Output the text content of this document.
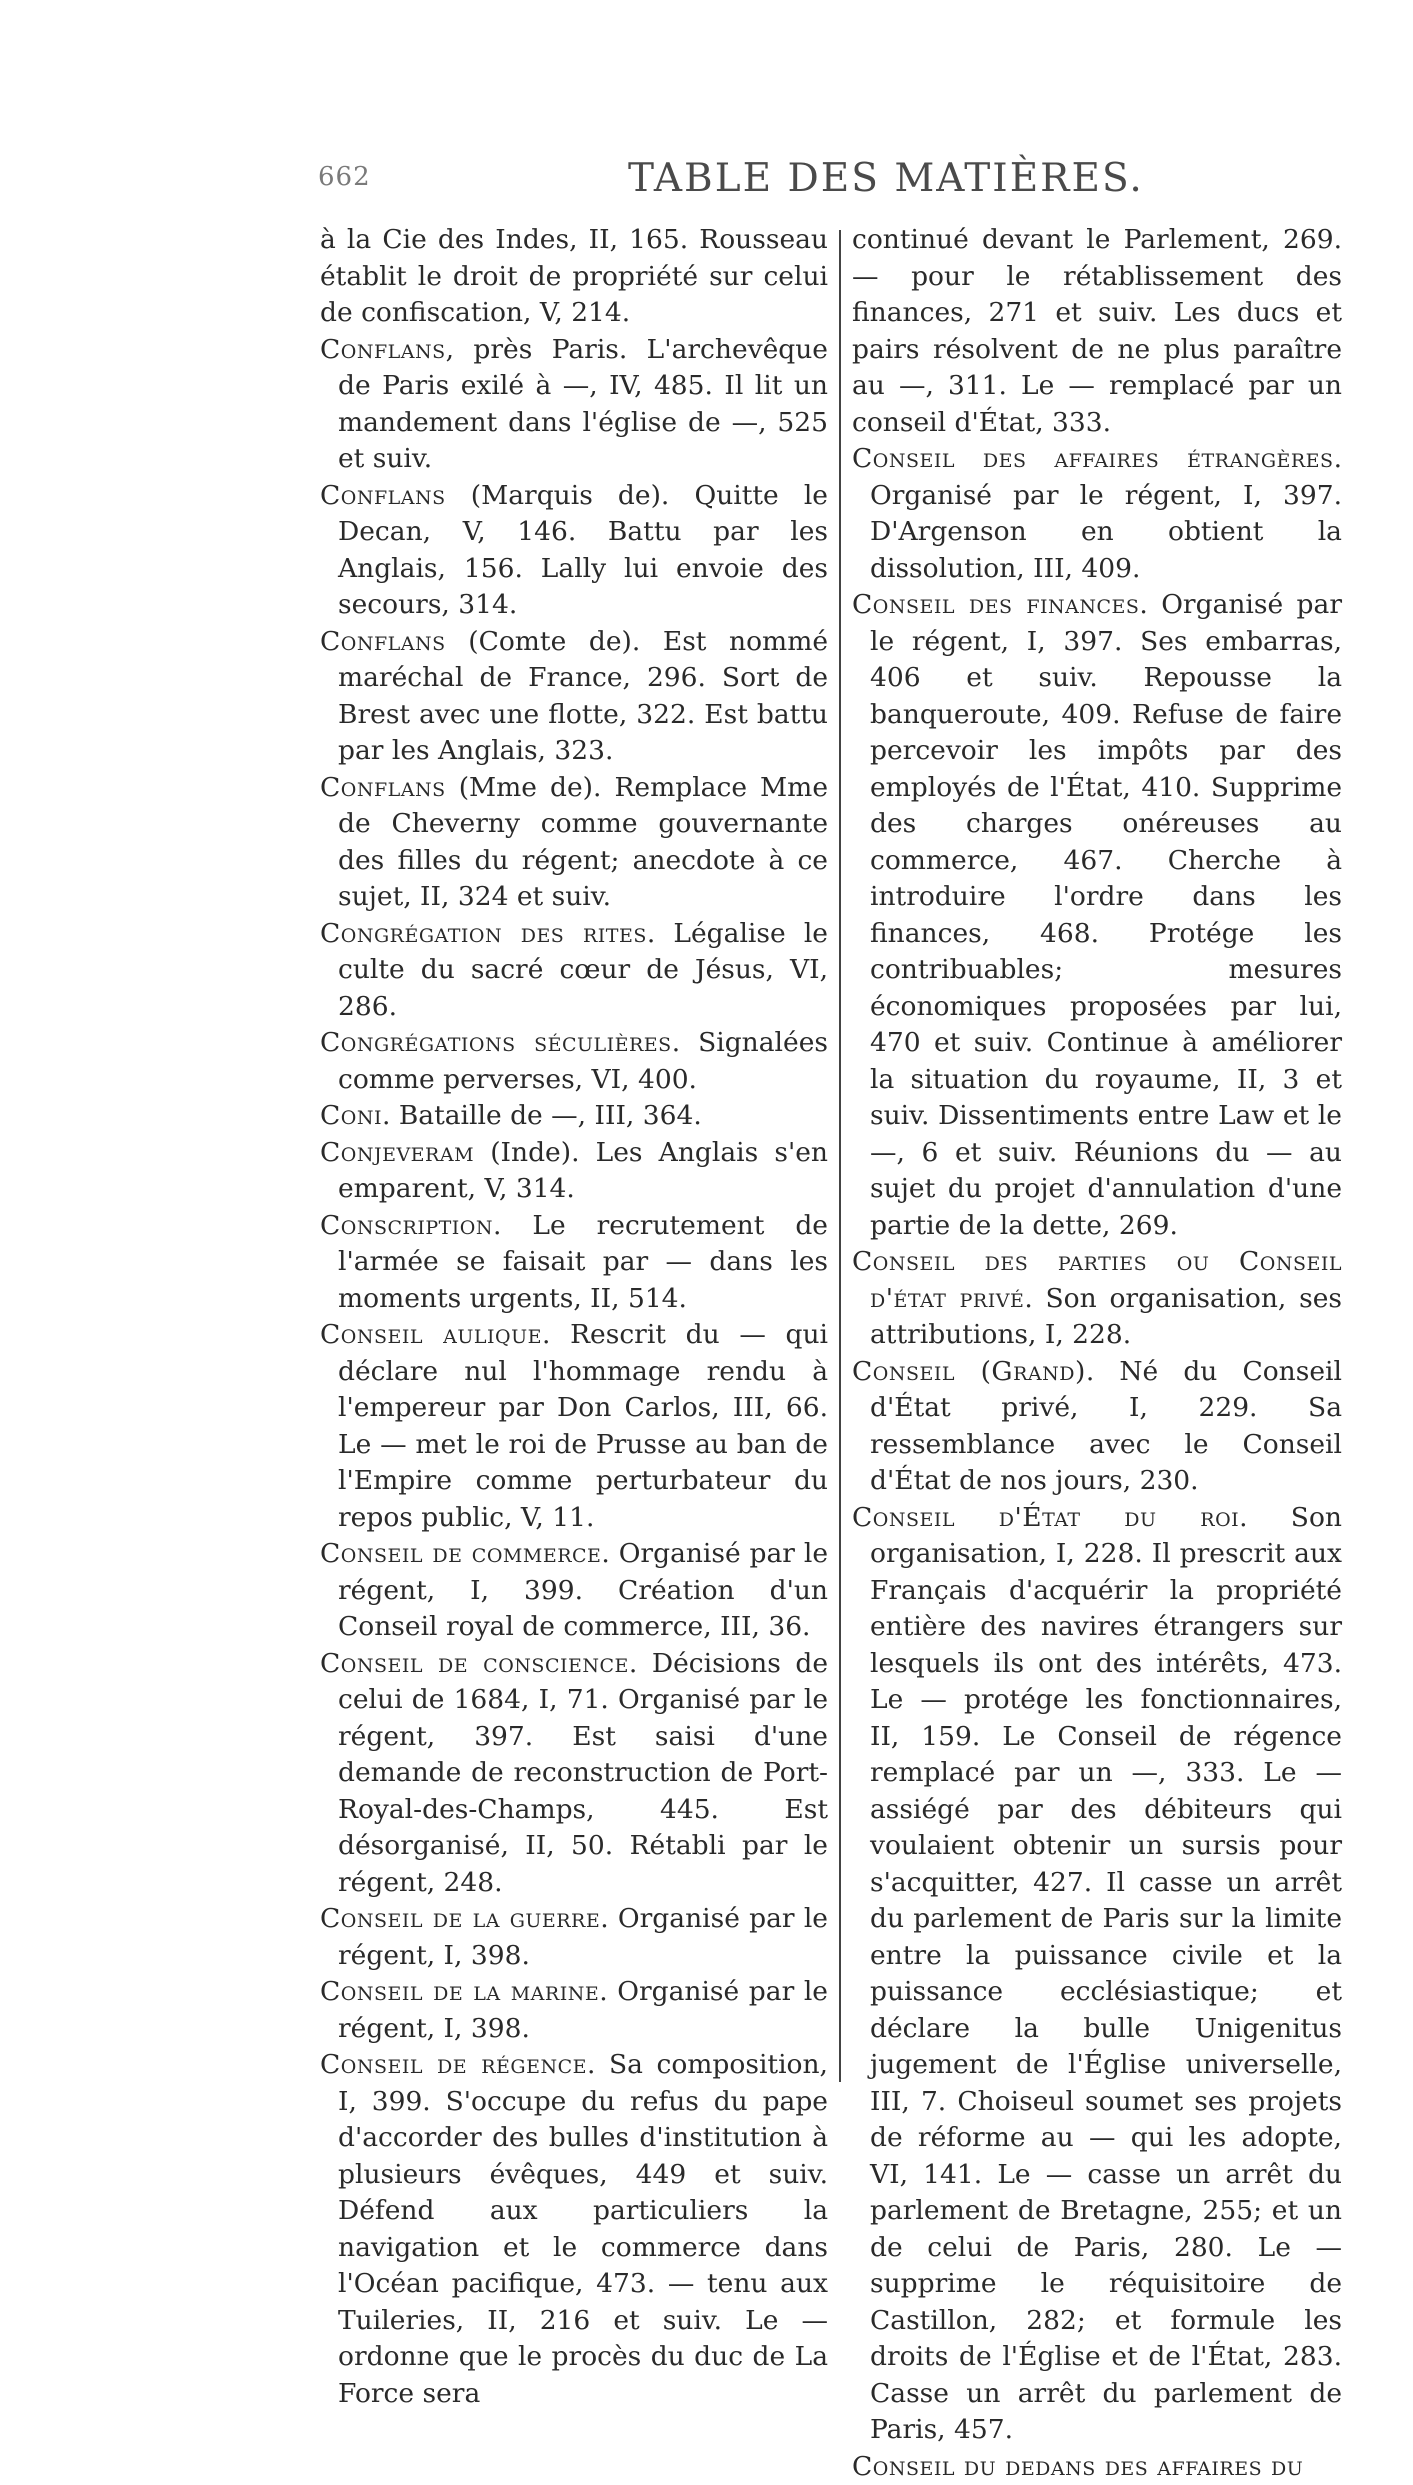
662	TABLE DES MATIÈRES.

à la Cie des Indes, II, 165. Rousseau établit le droit de propriété sur celui de confiscation, V, 214.

Conflans, près Paris. L'archevêque de Paris exilé à —, IV, 485. Il lit un mandement dans l'église de —, 525 et suiv.

Conflans (Marquis de). Quitte le Decan, V, 146. Battu par les Anglais, 156. Lally lui envoie des secours, 314.

Conflans (Comte de). Est nommé maréchal de France, 296. Sort de Brest avec une flotte, 322. Est battu par les Anglais, 323.

Conflans (Mme de). Remplace Mme de Cheverny comme gouvernante des filles du régent; anecdote à ce sujet, II, 324 et suiv.

Congrégation des rites. Légalise le culte du sacré cœur de Jésus, VI, 286.

Congrégations séculières. Signalées comme perverses, VI, 400.

Coni. Bataille de —, III, 364.

Conjeveram (Inde). Les Anglais s'en emparent, V, 314.

Conscription. Le recrutement de l'armée se faisait par — dans les moments urgents, II, 514.

Conseil aulique. Rescrit du — qui déclare nul l'hommage rendu à l'empereur par Don Carlos, III, 66. Le — met le roi de Prusse au ban de l'Empire comme perturbateur du repos public, V, 11.

Conseil de commerce. Organisé par le régent, I, 399. Création d'un Conseil royal de commerce, III, 36.

Conseil de conscience. Décisions de celui de 1684, I, 71. Organisé par le régent, 397. Est saisi d'une demande de reconstruction de Port-Royal-des-Champs, 445. Est désorganisé, II, 50. Rétabli par le régent, 248.

Conseil de la guerre. Organisé par le régent, I, 398.

Conseil de la marine. Organisé par le régent, I, 398.

Conseil de régence. Sa composition, I, 399. S'occupe du refus du pape d'accorder des bulles d'institution à plusieurs évêques, 449 et suiv. Défend aux particuliers la navigation et le commerce dans l'Océan pacifique, 473. — tenu aux Tuileries, II, 216 et suiv. Le — ordonne que le procès du duc de La Force sera

continué devant le Parlement, 269. — pour le rétablissement des finances, 271 et suiv. Les ducs et pairs résolvent de ne plus paraître au —, 311. Le — remplacé par un conseil d'État, 333.

Conseil des affaires étrangères. Organisé par le régent, I, 397. D'Argenson en obtient la dissolution, III, 409.

Conseil des finances. Organisé par le régent, I, 397. Ses embarras, 406 et suiv. Repousse la banqueroute, 409. Refuse de faire percevoir les impôts par des employés de l'État, 410. Supprime des charges onéreuses au commerce, 467. Cherche à introduire l'ordre dans les finances, 468. Protége les contribuables; mesures économiques proposées par lui, 470 et suiv. Continue à améliorer la situation du royaume, II, 3 et suiv. Dissentiments entre Law et le —, 6 et suiv. Réunions du — au sujet du projet d'annulation d'une partie de la dette, 269.

Conseil des parties ou Conseil d'état privé. Son organisation, ses attributions, I, 228.

Conseil (Grand). Né du Conseil d'État privé, I, 229. Sa ressemblance avec le Conseil d'État de nos jours, 230.

Conseil d'État du roi. Son organisation, I, 228. Il prescrit aux Français d'acquérir la propriété entière des navires étrangers sur lesquels ils ont des intérêts, 473. Le — protége les fonctionnaires, II, 159. Le Conseil de régence remplacé par un —, 333. Le — assiégé par des débiteurs qui voulaient obtenir un sursis pour s'acquitter, 427. Il casse un arrêt du parlement de Paris sur la limite entre la puissance civile et la puissance ecclésiastique; et déclare la bulle Unigenitus jugement de l'Église universelle, III, 7. Choiseul soumet ses projets de réforme au — qui les adopte, VI, 141. Le — casse un arrêt du parlement de Bretagne, 255; et un de celui de Paris, 280. Le — supprime le réquisitoire de Castillon, 282; et formule les droits de l'Église et de l'État, 283. Casse un arrêt du parlement de Paris, 457.

Conseil du dedans des affaires du
